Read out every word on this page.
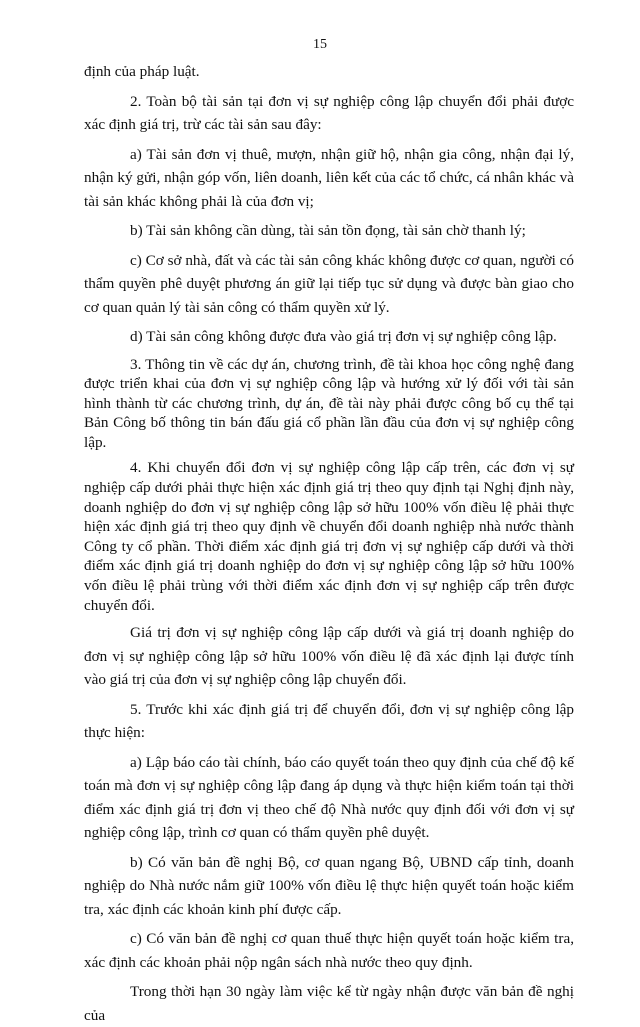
15

định của pháp luật.

2. Toàn bộ tài sản tại đơn vị sự nghiệp công lập chuyển đổi phải được xác định giá trị, trừ các tài sản sau đây:

a) Tài sản đơn vị thuê, mượn, nhận giữ hộ, nhận gia công, nhận đại lý, nhận ký gửi, nhận góp vốn, liên doanh, liên kết của các tổ chức, cá nhân khác và tài sản khác không phải là của đơn vị;

b) Tài sản không cần dùng, tài sản tồn đọng, tài sản chờ thanh lý;

c) Cơ sở nhà, đất và các tài sản công khác không được cơ quan, người có thẩm quyền phê duyệt phương án giữ lại tiếp tục sử dụng và được bàn giao cho cơ quan quản lý tài sản công có thẩm quyền xử lý.

d) Tài sản công không được đưa vào giá trị đơn vị sự nghiệp công lập.

3. Thông tin về các dự án, chương trình, đề tài khoa học công nghệ đang được triển khai của đơn vị sự nghiệp công lập và hướng xử lý đối với tài sản hình thành từ các chương trình, dự án, đề tài này phải được công bố cụ thể tại Bản Công bố thông tin bán đấu giá cổ phần lần đầu của đơn vị sự nghiệp công lập.

4. Khi chuyển đổi đơn vị sự nghiệp công lập cấp trên, các đơn vị sự nghiệp cấp dưới phải thực hiện xác định giá trị theo quy định tại Nghị định này, doanh nghiệp do đơn vị sự nghiệp công lập sở hữu 100% vốn điều lệ phải thực hiện xác định giá trị theo quy định về chuyển đổi doanh nghiệp nhà nước thành Công ty cổ phần. Thời điểm xác định giá trị đơn vị sự nghiệp cấp dưới và thời điểm xác định giá trị doanh nghiệp do đơn vị sự nghiệp công lập sở hữu 100% vốn điều lệ phải trùng với thời điểm xác định đơn vị sự nghiệp cấp trên được chuyển đổi.

Giá trị đơn vị sự nghiệp công lập cấp dưới và giá trị doanh nghiệp do đơn vị sự nghiệp công lập sở hữu 100% vốn điều lệ đã xác định lại được tính vào giá trị của đơn vị sự nghiệp công lập chuyển đổi.

5. Trước khi xác định giá trị để chuyển đổi, đơn vị sự nghiệp công lập thực hiện:

a) Lập báo cáo tài chính, báo cáo quyết toán theo quy định của chế độ kế toán mà đơn vị sự nghiệp công lập đang áp dụng và thực hiện kiểm toán tại thời điểm xác định giá trị đơn vị theo chế độ Nhà nước quy định đối với đơn vị sự nghiệp công lập, trình cơ quan có thẩm quyền phê duyệt.

b) Có văn bản đề nghị Bộ, cơ quan ngang Bộ, UBND cấp tỉnh, doanh nghiệp do Nhà nước nắm giữ 100% vốn điều lệ thực hiện quyết toán hoặc kiểm tra, xác định các khoản kinh phí được cấp.

c) Có văn bản đề nghị cơ quan thuế thực hiện quyết toán hoặc kiểm tra, xác định các khoản phải nộp ngân sách nhà nước theo quy định.

Trong thời hạn 30 ngày làm việc kể từ ngày nhận được văn bản đề nghị của
